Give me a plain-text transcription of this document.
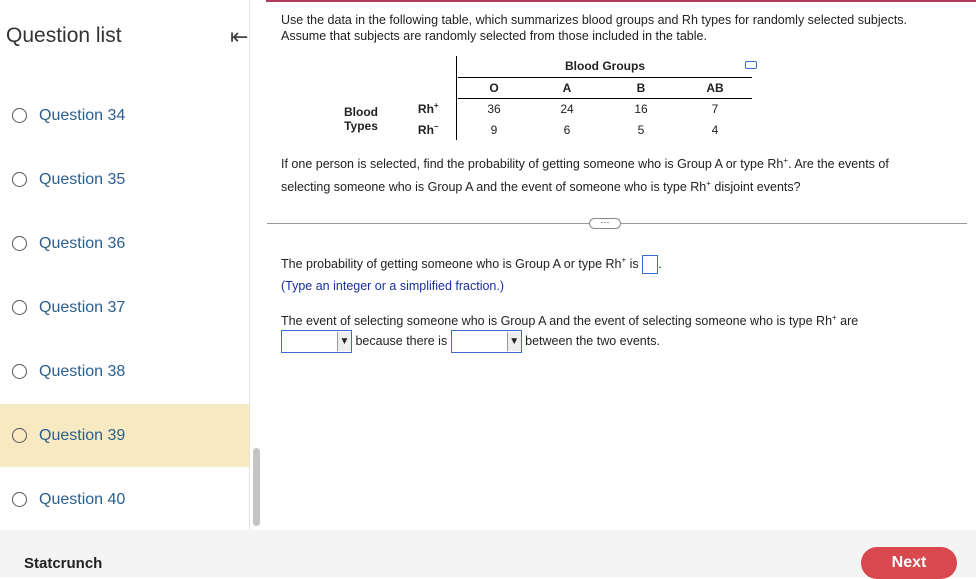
Question list	⇤
Question 34
Question 35
Question 36
Question 37
Question 38
Question 39
Question 40
Use the data in the following table, which summarizes blood groups and Rh types for randomly selected subjects.
Assume that subjects are randomly selected from those included in the table.
			Blood Groups			
			O	A	B	AB
Blood	Rh+		36	24	16	7
Types	Rh−		9	6	5	4
If one person is selected, find the probability of getting someone who is Group A or type Rh+. Are the events of
selecting someone who is Group A and the event of someone who is type Rh+ disjoint events?
···
The probability of getting someone who is Group A or type Rh+ is .
(Type an integer or a simplified fraction.)
The event of selecting someone who is Group A and the event of selecting someone who is type Rh+ are
▼ because there is	▼ between the two events.
Statcrunch	Next
